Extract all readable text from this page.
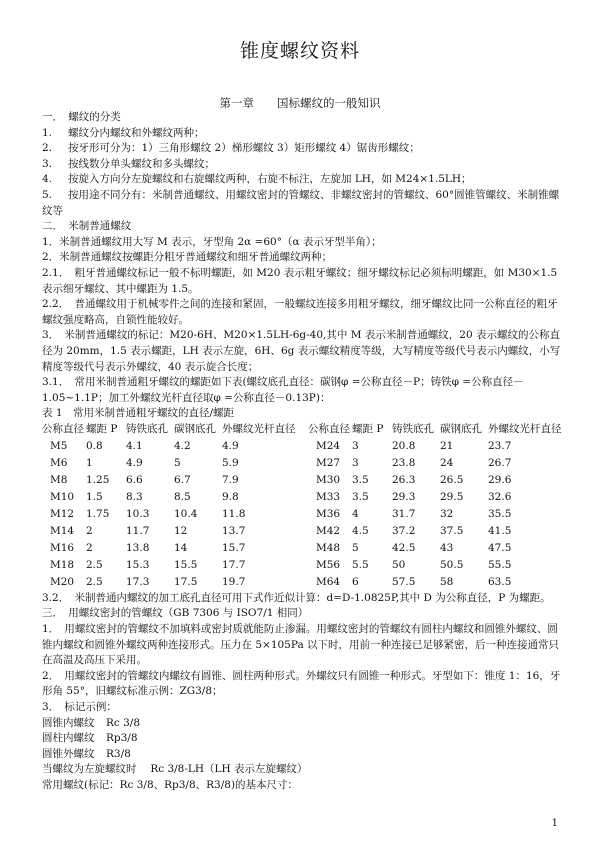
锥度螺纹资料
第一章　　国标螺纹的一般知识

一．　螺纹的分类

1. 螺纹分内螺纹和外螺纹两种；

2. 按牙形可分为：1）三角形螺纹 2）梯形螺纹 3）矩形螺纹 4）锯齿形螺纹；

3. 按线数分单头螺纹和多头螺纹；

4. 按旋入方向分左旋螺纹和右旋螺纹两种，右旋不标注，左旋加 LH，如 M24×1.5LH；

5. 按用途不同分有：米制普通螺纹、用螺纹密封的管螺纹、非螺纹密封的管螺纹、60°圆锥管螺纹、米制锥螺纹等

二．　米制普通螺纹

1．米制普通螺纹用大写 M 表示，牙型角 2α =60°（α 表示牙型半角）；

2．米制普通螺纹按螺距分粗牙普通螺纹和细牙普通螺纹两种；

2.1．　粗牙普通螺纹标记一般不标明螺距，如 M20 表示粗牙螺纹；细牙螺纹标记必须标明螺距，如 M30×1.5 表示细牙螺纹、其中螺距为 1.5。

2.2．　普通螺纹用于机械零件之间的连接和紧固，一般螺纹连接多用粗牙螺纹，细牙螺纹比同一公称直径的粗牙螺纹强度略高，自锁性能较好。

3．　米制普通螺纹的标记：M20-6H、M20×1.5LH-6g-40,其中 M 表示米制普通螺纹，20 表示螺纹的公称直径为 20mm，1.5 表示螺距，LH 表示左旋，6H、6g 表示螺纹精度等级，大写精度等级代号表示内螺纹，小写精度等级代号表示外螺纹，40 表示旋合长度；

3.1．　常用米制普通粗牙螺纹的螺距如下表(螺纹底孔直径：碳钢φ =公称直径－P；铸铁φ =公称直径－1.05~1.1P；加工外螺纹光杆直径取φ =公称直径－0.13P)：

表 1　常用米制普通粗牙螺纹的直径/螺距

公称直径	螺距 P	铸铁底孔	碳钢底孔	外螺纹光杆直径	公称直径	螺距 P	铸铁底孔	碳钢底孔	外螺纹光杆直径
M5	0.8	4.1	4.2	4.9	M24	3	20.8	21	23.7
M6	1	4.9	5	5.9	M27	3	23.8	24	26.7
M8	1.25	6.6	6.7	7.9	M30	3.5	26.3	26.5	29.6
M10	1.5	8.3	8.5	9.8	M33	3.5	29.3	29.5	32.6
M12	1.75	10.3	10.4	11.8	M36	4	31.7	32	35.5
M14	2	11.7	12	13.7	M42	4.5	37.2	37.5	41.5
M16	2	13.8	14	15.7	M48	5	42.5	43	47.5
M18	2.5	15.3	15.5	17.7	M56	5.5	50	50.5	55.5
M20	2.5	17.3	17.5	19.7	M64	6	57.5	58	63.5

3.2．　米制普通内螺纹的加工底孔直径可用下式作近似计算：d=D-1.0825P,其中 D 为公称直径，P 为螺距。

三．　用螺纹密封的管螺纹（GB 7306 与 ISO7/1 相同）

1．　用螺纹密封的管螺纹不加填料或密封质就能防止渗漏。用螺纹密封的管螺纹有圆柱内螺纹和圆锥外螺纹、圆锥内螺纹和圆锥外螺纹两种连接形式。压力在 5×105Pa 以下时，用前一种连接已足够紧密，后一种连接通常只在高温及高压下采用。

2．　用螺纹密封的管螺纹内螺纹有圆锥、圆柱两种形式。外螺纹只有圆锥一种形式。牙型如下：锥度 1：16，牙形角 55°，旧螺纹标准示例：ZG3/8；

3．　标记示例：

圆锥内螺纹 Rc 3/8

圆柱内螺纹 Rp3/8

圆锥外螺纹 R3/8

当螺纹为左旋螺纹时　 Rc 3/8-LH（LH 表示左旋螺纹）

常用螺纹(标记：Rc 3/8、Rp3/8、R3/8)的基本尺寸：

1
